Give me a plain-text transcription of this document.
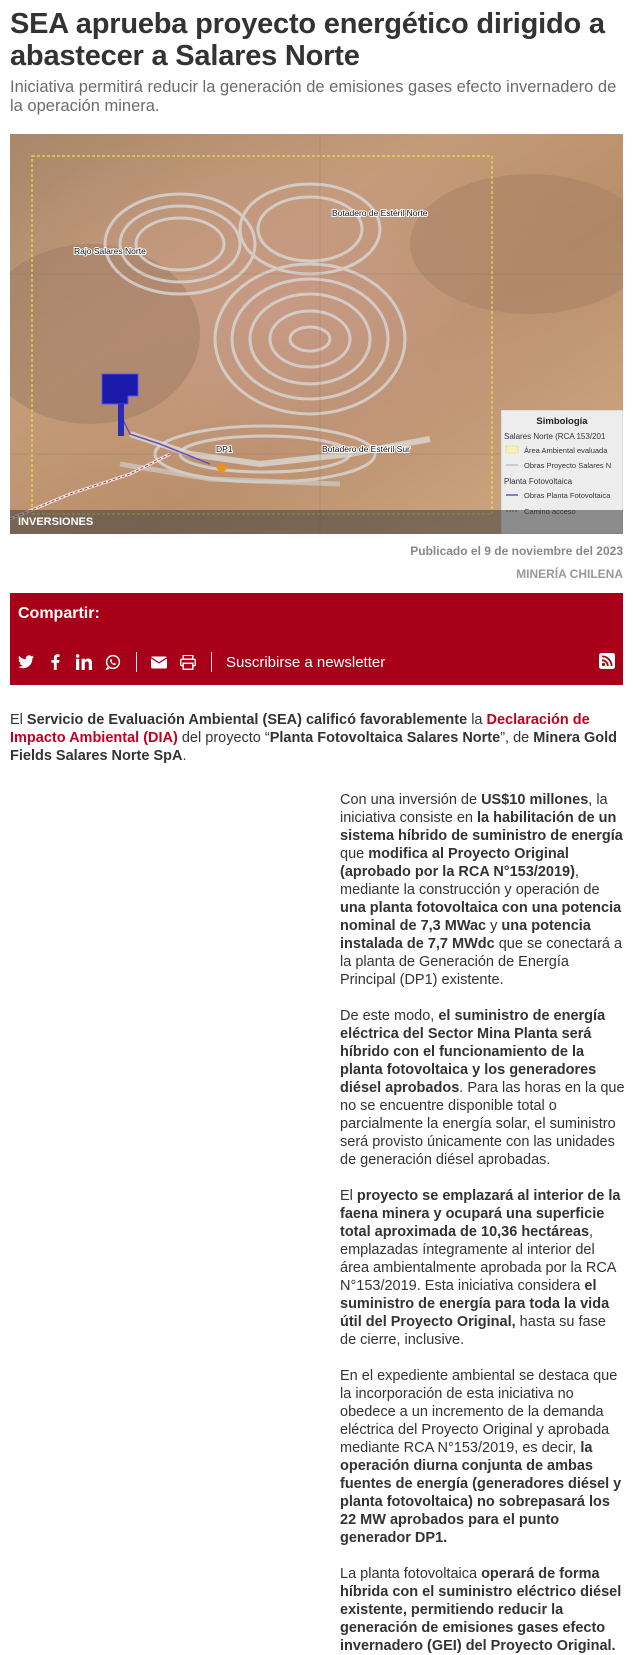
SEA aprueba proyecto energético dirigido a abastecer a Salares Norte
Iniciativa permitirá reducir la generación de emisiones gases efecto invernadero de la operación minera.
Botadero de Estéril Norte
Rajo Salares Norte
DP1	Botadero de Estéril Sur
Simbología
Salares Norte (RCA 153/201
Área Ambiental evaluada
Obras Proyecto Salares N
Planta Fotovoltaica
Obras Planta Fotovoltaica
INVERSIONES
Publicado el 9 de noviembre del 2023
MINERÍA CHILENA
Compartir:
Suscribirse a newsletter
El Servicio de Evaluación Ambiental (SEA) calificó favorablemente la Declaración de Impacto Ambiental (DIA) del proyecto “Planta Fotovoltaica Salares Norte”, de Minera Gold Fields Salares Norte SpA.

Con una inversión de US$10 millones, la iniciativa consiste en la habilitación de un sistema híbrido de suministro de energía que modifica al Proyecto Original (aprobado por la RCA N°153/2019), mediante la construcción y operación de una planta fotovoltaica con una potencia nominal de 7,3 MWac y una potencia instalada de 7,7 MWdc que se conectará a la planta de Generación de Energía Principal (DP1) existente.

De este modo, el suministro de energía eléctrica del Sector Mina Planta será híbrido con el funcionamiento de la planta fotovoltaica y los generadores diésel aprobados. Para las horas en la que no se encuentre disponible total o parcialmente la energía solar, el suministro será provisto únicamente con las unidades de generación diésel aprobadas.

El proyecto se emplazará al interior de la faena minera y ocupará una superficie total aproximada de 10,36 hectáreas, emplazadas íntegramente al interior del área ambientalmente aprobada por la RCA N°153/2019. Esta iniciativa considera el suministro de energía para toda la vida útil del Proyecto Original, hasta su fase de cierre, inclusive.

En el expediente ambiental se destaca que la incorporación de esta iniciativa no obedece a un incremento de la demanda eléctrica del Proyecto Original y aprobada mediante RCA N°153/2019, es decir, la operación diurna conjunta de ambas fuentes de energía (generadores diésel y planta fotovoltaica) no sobrepasará los 22 MW aprobados para el punto generador DP1.

La planta fotovoltaica operará de forma híbrida con el suministro eléctrico diésel existente, permitiendo reducir la generación de emisiones gases efecto invernadero (GEI) del Proyecto Original.
